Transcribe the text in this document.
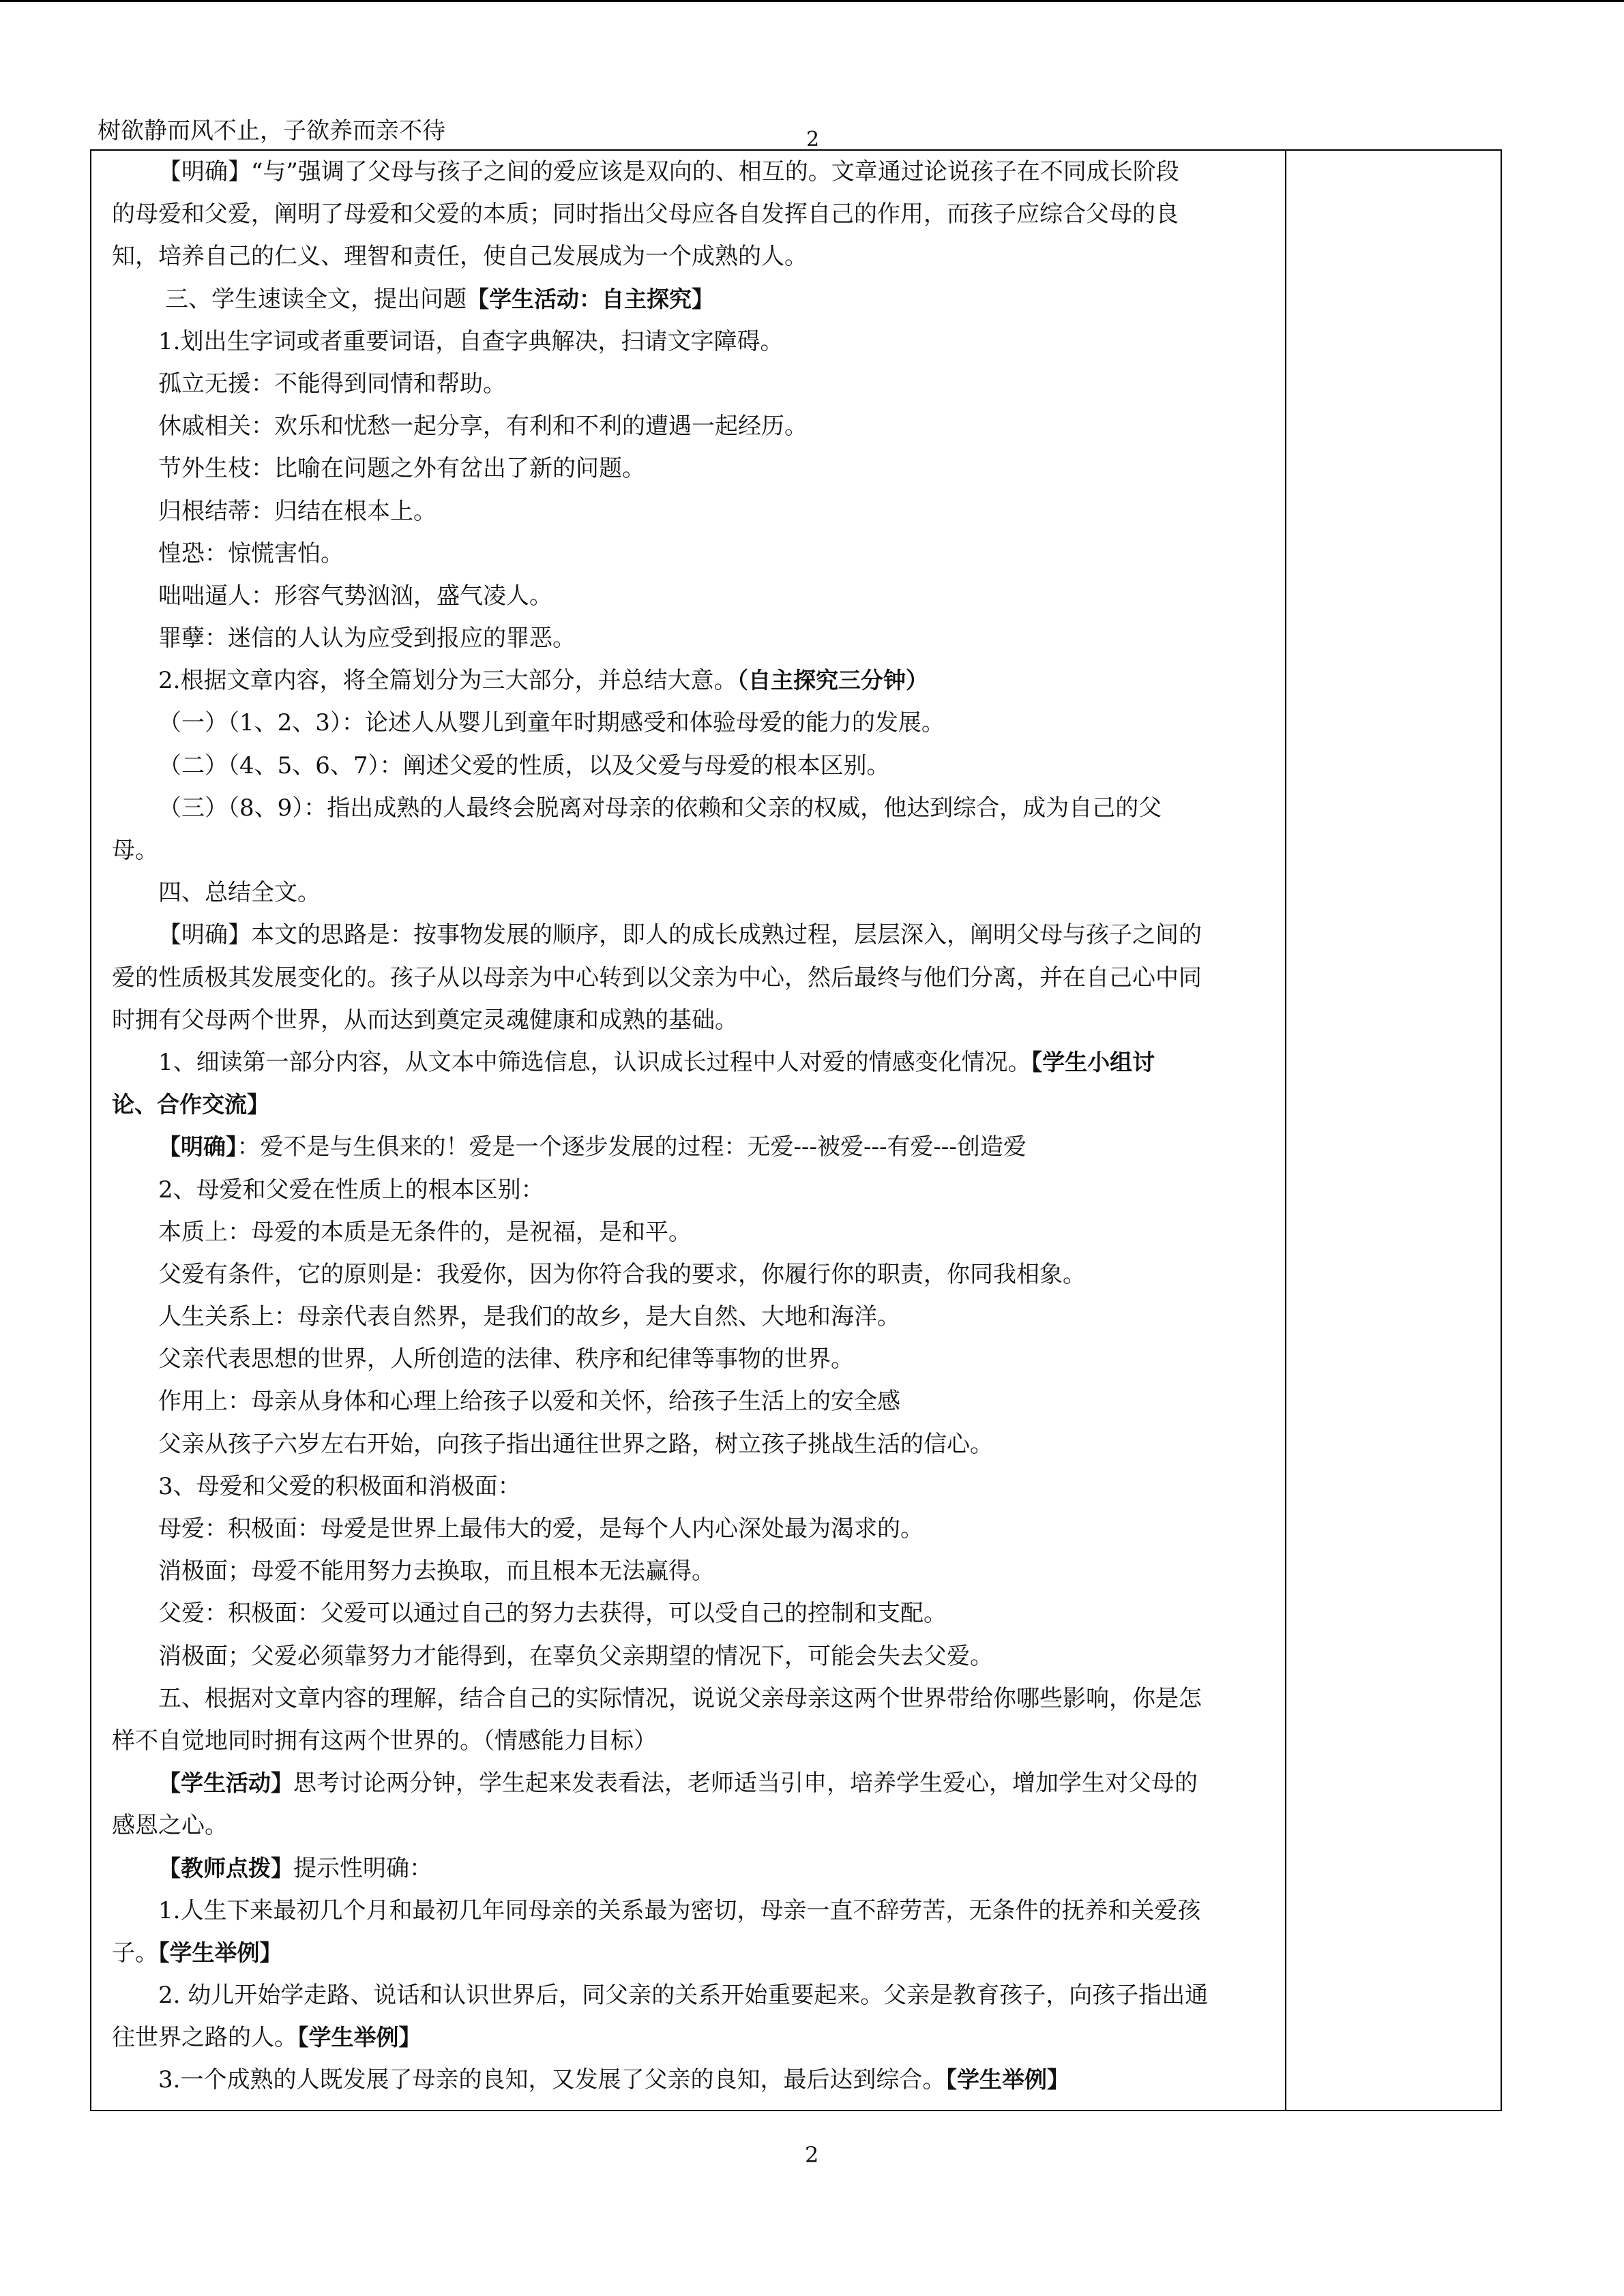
树欲静而风不止，子欲养而亲不待	2
【明确】“与”强调了父母与孩子之间的爱应该是双向的、相互的。文章通过论说孩子在不同成长阶段
的母爱和父爱，阐明了母爱和父爱的本质；同时指出父母应各自发挥自己的作用，而孩子应综合父母的良
知，培养自己的仁义、理智和责任，使自己发展成为一个成熟的人。
三、学生速读全文，提出问题【学生活动：自主探究】
1.划出生字词或者重要词语，自查字典解决，扫请文字障碍。
孤立无援：不能得到同情和帮助。
休戚相关：欢乐和忧愁一起分享，有利和不利的遭遇一起经历。
节外生枝：比喻在问题之外有岔出了新的问题。
归根结蒂：归结在根本上。
惶恐：惊慌害怕。
咄咄逼人：形容气势汹汹，盛气凌人。
罪孽：迷信的人认为应受到报应的罪恶。
2.根据文章内容，将全篇划分为三大部分，并总结大意。（自主探究三分钟）
（一）（1、2、3）：论述人从婴儿到童年时期感受和体验母爱的能力的发展。
（二）（4、5、6、7）：阐述父爱的性质，以及父爱与母爱的根本区别。
（三）（8、9）：指出成熟的人最终会脱离对母亲的依赖和父亲的权威，他达到综合，成为自己的父
母。
四、总结全文。
【明确】本文的思路是：按事物发展的顺序，即人的成长成熟过程，层层深入，阐明父母与孩子之间的
爱的性质极其发展变化的。孩子从以母亲为中心转到以父亲为中心，然后最终与他们分离，并在自己心中同
时拥有父母两个世界，从而达到奠定灵魂健康和成熟的基础。
1、细读第一部分内容，从文本中筛选信息，认识成长过程中人对爱的情感变化情况。【学生小组讨
论、合作交流】
【明确】：爱不是与生俱来的！爱是一个逐步发展的过程：无爱---被爱---有爱---创造爱
2、母爱和父爱在性质上的根本区别：
本质上：母爱的本质是无条件的，是祝福，是和平。
父爱有条件，它的原则是：我爱你，因为你符合我的要求，你履行你的职责，你同我相象。
人生关系上：母亲代表自然界，是我们的故乡，是大自然、大地和海洋。
父亲代表思想的世界，人所创造的法律、秩序和纪律等事物的世界。
作用上：母亲从身体和心理上给孩子以爱和关怀，给孩子生活上的安全感
父亲从孩子六岁左右开始，向孩子指出通往世界之路，树立孩子挑战生活的信心。
3、母爱和父爱的积极面和消极面：
母爱：积极面：母爱是世界上最伟大的爱，是每个人内心深处最为渴求的。
消极面；母爱不能用努力去换取，而且根本无法赢得。
父爱：积极面：父爱可以通过自己的努力去获得，可以受自己的控制和支配。
消极面；父爱必须靠努力才能得到，在辜负父亲期望的情况下，可能会失去父爱。
五、根据对文章内容的理解，结合自己的实际情况，说说父亲母亲这两个世界带给你哪些影响，你是怎
样不自觉地同时拥有这两个世界的。（情感能力目标）
【学生活动】思考讨论两分钟，学生起来发表看法，老师适当引申，培养学生爱心，增加学生对父母的
感恩之心。
【教师点拨】提示性明确：
1.人生下来最初几个月和最初几年同母亲的关系最为密切，母亲一直不辞劳苦，无条件的抚养和关爱孩
子。【学生举例】
2. 幼儿开始学走路、说话和认识世界后，同父亲的关系开始重要起来。父亲是教育孩子，向孩子指出通
往世界之路的人。【学生举例】
3.一个成熟的人既发展了母亲的良知，又发展了父亲的良知，最后达到综合。【学生举例】
2
